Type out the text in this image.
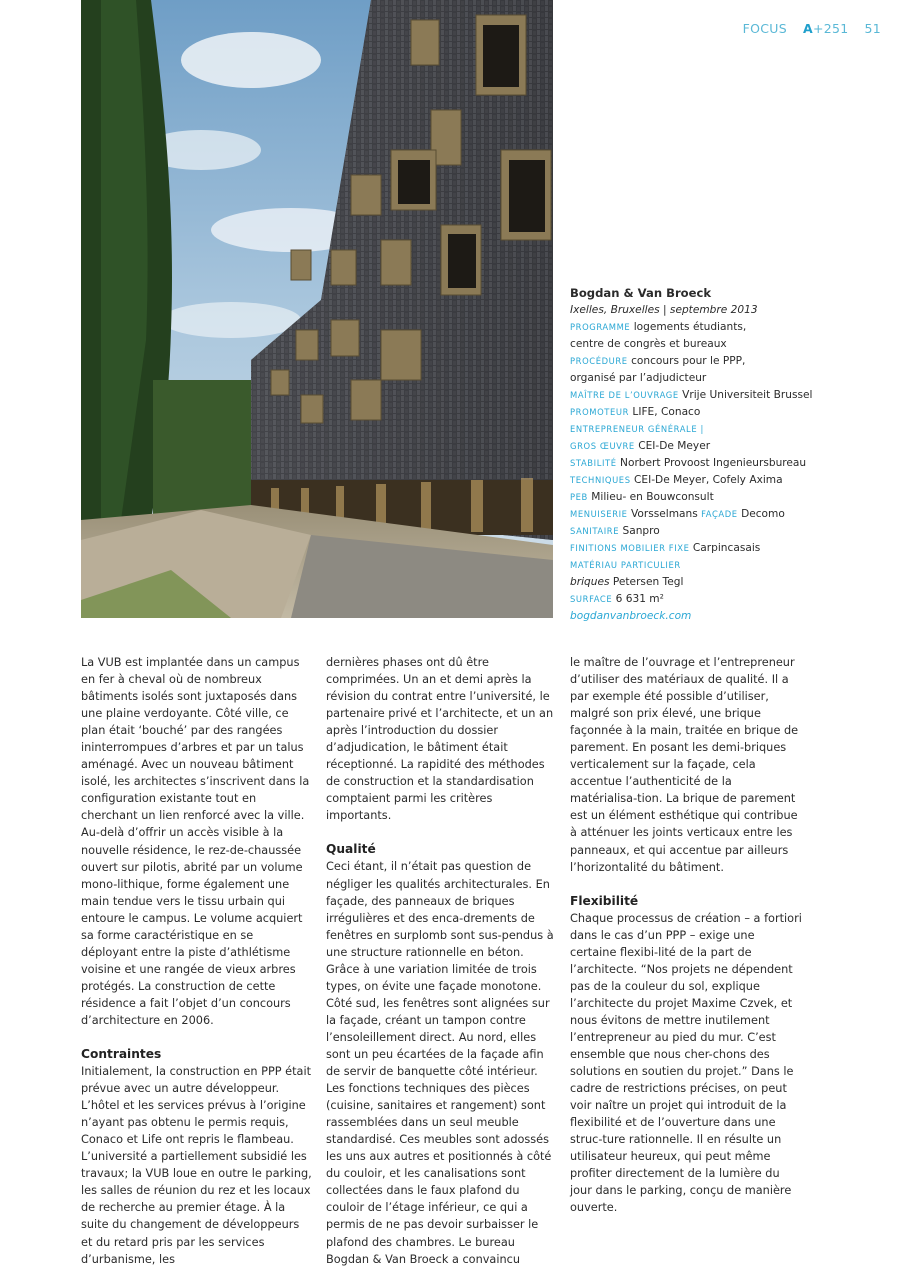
FOCUS A+251 51
Bogdan & Van Broeck
Ixelles, Bruxelles | septembre 2013
PROGRAMME logements étudiants,
centre de congrès et bureaux
PROCÉDURE concours pour le PPP,
organisé par l’adjudicteur
MAÎTRE DE L’OUVRAGE Vrije Universiteit Brussel
PROMOTEUR LIFE, Conaco
ENTREPRENEUR GÉNÉRALE |
GROS ŒUVRE CEI-De Meyer
STABILITÉ Norbert Provoost Ingenieursbureau
TECHNIQUES CEI-De Meyer, Cofely Axima
PEB Milieu- en Bouwconsult
MENUISERIE Vorsselmans FAÇADE Decomo
SANITAIRE Sanpro
FINITIONS MOBILIER FIXE Carpincasais
MATÉRIAU PARTICULIER
briques Petersen Tegl
SURFACE 6 631 m²
bogdanvanbroeck.com

La VUB est implantée dans un campus en fer à cheval où de nombreux bâtiments isolés sont juxtaposés dans une plaine verdoyante. Côté ville, ce plan était ‘bouché’ par des rangées ininterrompues d’arbres et par un talus aménagé. Avec un nouveau bâtiment isolé, les architectes s’inscrivent dans la configuration existante tout en cherchant un lien renforcé avec la ville. Au-delà d’offrir un accès visible à la nouvelle résidence, le rez-de-chaussée ouvert sur pilotis, abrité par un volume mono-lithique, forme également une main tendue vers le tissu urbain qui entoure le campus. Le volume acquiert sa forme caractéristique en se déployant entre la piste d’athlétisme voisine et une rangée de vieux arbres protégés. La construction de cette résidence a fait l’objet d’un concours d’architecture en 2006.

Contraintes

Initialement, la construction en PPP était prévue avec un autre développeur. L’hôtel et les services prévus à l’origine n’ayant pas obtenu le permis requis, Conaco et Life ont repris le flambeau. L’université a partiellement subsidié les travaux; la VUB loue en outre le parking, les salles de réunion du rez et les locaux de recherche au premier étage. À la suite du changement de développeurs et du retard pris par les services d’urbanisme, les

dernières phases ont dû être comprimées. Un an et demi après la révision du contrat entre l’université, le partenaire privé et l’architecte, et un an après l’introduction du dossier d’adjudication, le bâtiment était réceptionné. La rapidité des méthodes de construction et la standardisation comptaient parmi les critères importants.

Qualité

Ceci étant, il n’était pas question de négliger les qualités architecturales. En façade, des panneaux de briques irrégulières et des enca-drements de fenêtres en surplomb sont sus-pendus à une structure rationnelle en béton. Grâce à une variation limitée de trois types, on évite une façade monotone. Côté sud, les fenêtres sont alignées sur la façade, créant un tampon contre l’ensoleillement direct. Au nord, elles sont un peu écartées de la façade afin de servir de banquette côté intérieur. Les fonctions techniques des pièces (cuisine, sanitaires et rangement) sont rassemblées dans un seul meuble standardisé. Ces meubles sont adossés les uns aux autres et positionnés à côté du couloir, et les canalisations sont collectées dans le faux plafond du couloir de l’étage inférieur, ce qui a permis de ne pas devoir surbaisser le plafond des chambres. Le bureau Bogdan & Van Broeck a convaincu

le maître de l’ouvrage et l’entrepreneur d’utiliser des matériaux de qualité. Il a par exemple été possible d’utiliser, malgré son prix élevé, une brique façonnée à la main, traitée en brique de parement. En posant les demi-briques verticalement sur la façade, cela accentue l’authenticité de la matérialisa-tion. La brique de parement est un élément esthétique qui contribue à atténuer les joints verticaux entre les panneaux, et qui accentue par ailleurs l’horizontalité du bâtiment.

Flexibilité

Chaque processus de création – a fortiori dans le cas d’un PPP – exige une certaine flexibi-lité de la part de l’architecte. “Nos projets ne dépendent pas de la couleur du sol, explique l’architecte du projet Maxime Czvek, et nous évitons de mettre inutilement l’entrepreneur au pied du mur. C’est ensemble que nous cher-chons des solutions en soutien du projet.” Dans le cadre de restrictions précises, on peut voir naître un projet qui introduit de la flexibilité et de l’ouverture dans une struc-ture rationnelle. Il en résulte un utilisateur heureux, qui peut même profiter directement de la lumière du jour dans le parking, conçu de manière ouverte.
